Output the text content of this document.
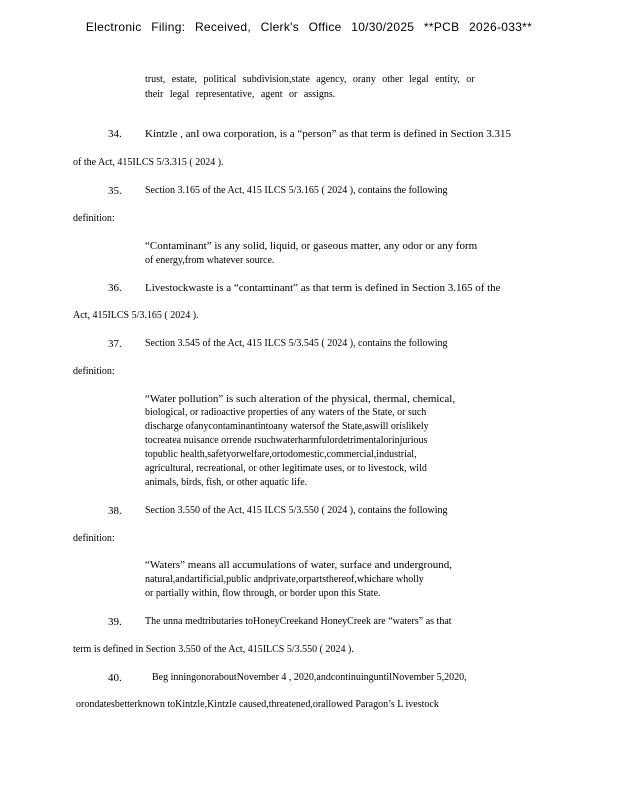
Electronic Filing: Received, Clerk's Office 10/30/2025 **PCB 2026-033**
trust, estate, political subdivision,state agency, orany other legal entity, or
their legal representative, agent or assigns.
34. Kintzle , anI owa corporation, is a “person” as that term is defined in Section 3.315
of the Act, 415ILCS 5/3.315 ( 2024 ).
35. Section 3.165 of the Act, 415 ILCS 5/3.165 ( 2024 ), contains the following
definition:
“Contaminant” is any solid, liquid, or gaseous matter, any odor or any form
of energy,from whatever source.
36. Livestockwaste is a “contaminant” as that term is defined in Section 3.165 of the
Act, 415ILCS 5/3.165 ( 2024 ).
37. Section 3.545 of the Act, 415 ILCS 5/3.545 ( 2024 ), contains the following
definition:
“Water pollution” is such alteration of the physical, thermal, chemical,
biological, or radioactive properties of any waters of the State, or such
discharge ofanycontaminantintoany watersof the State,aswill orislikely
tocreatea nuisance orrende rsuchwaterharmfulordetrimentalorinjurious
topublic health,safetyorwelfare,ortodomestic,commercial,industrial,
agricultural, recreational, or other legitimate uses, or to livestock, wild
animals, birds, fish, or other aquatic life.
38. Section 3.550 of the Act, 415 ILCS 5/3.550 ( 2024 ), contains the following
definition:
“Waters” means all accumulations of water, surface and underground,
natural,andartificial,public andprivate,orpartsthereof,whichare wholly
or partially within, flow through, or border upon this State.
39. The unna medtributaries toHoneyCreekand HoneyCreek are “waters” as that
term is defined in Section 3.550 of the Act, 415ILCS 5/3.550 ( 2024 ).
40.	Beg inningonoraboutNovember 4 , 2020,andcontinuinguntilNovember 5,2020,
orondatesbetterknown toKintzle,Kintzle caused,threatened,orallowed Paragon’s L ivestock
